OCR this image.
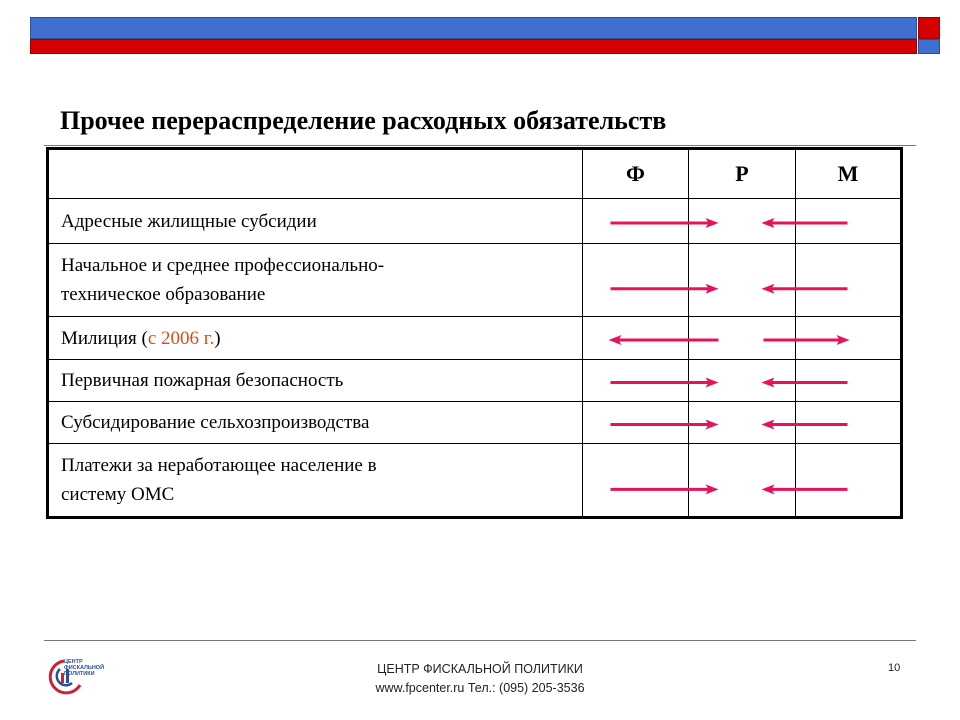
Прочее перераспределение расходных обязательств
	Ф	Р	М
Адресные жилищные субсидии			

Начальное и среднее профессионально-
техническое образование			

Милиция (с 2006 г.)			
Первичная пожарная безопасность			
Субсидирование сельхозпроизводства			

Платежи за неработающее население в
систему ОМС			

ЦЕНТР
ФИСКАЛЬНОЙ
ПОЛИТИКИ	ЦЕНТР ФИСКАЛЬНОЙ ПОЛИТИКИ
www.fpcenter.ru Тел.: (095) 205-3536
10
